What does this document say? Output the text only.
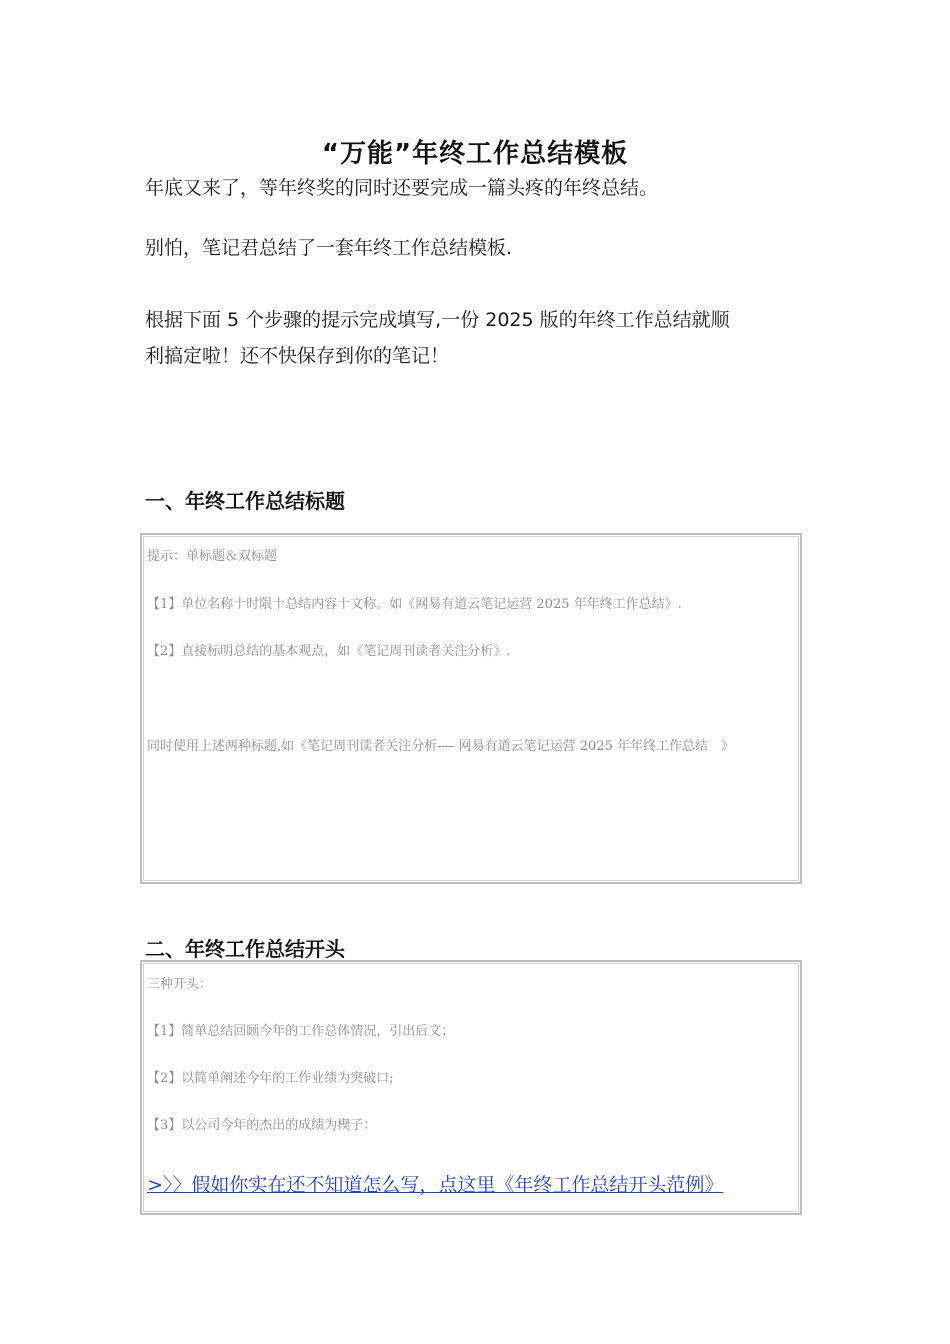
“万能”年终工作总结模板
年底又来了，等年终奖的同时还要完成一篇头疼的年终总结。
别怕，笔记君总结了一套年终工作总结模板.
根据下面 5 个步骤的提示完成填写,一份 2025 版的年终工作总结就顺
利搞定啦！还不快保存到你的笔记！
一、年终工作总结标题
提示：单标题＆双标题
【1】单位名称十时限十总结内容十文称。如《网易有道云笔记运营 2025 年年终工作总结》.
【2】直接标明总结的基本观点，如《笔记周刊读者关注分析》.
同时使用上述两种标题,如《笔记周刊读者关注分析-— 网易有道云笔记运营 2025 年年终工作总结　》
二、年终工作总结开头
三种开头：
【1】简单总结回顾今年的工作总体情况，引出后文；
【2】以简单阐述今年的工作业绩为突破口;
【3】以公司今年的杰出的成绩为楔子：
>〉〉假如你实在还不知道怎么写，点这里《年终工作总结开头范例》
